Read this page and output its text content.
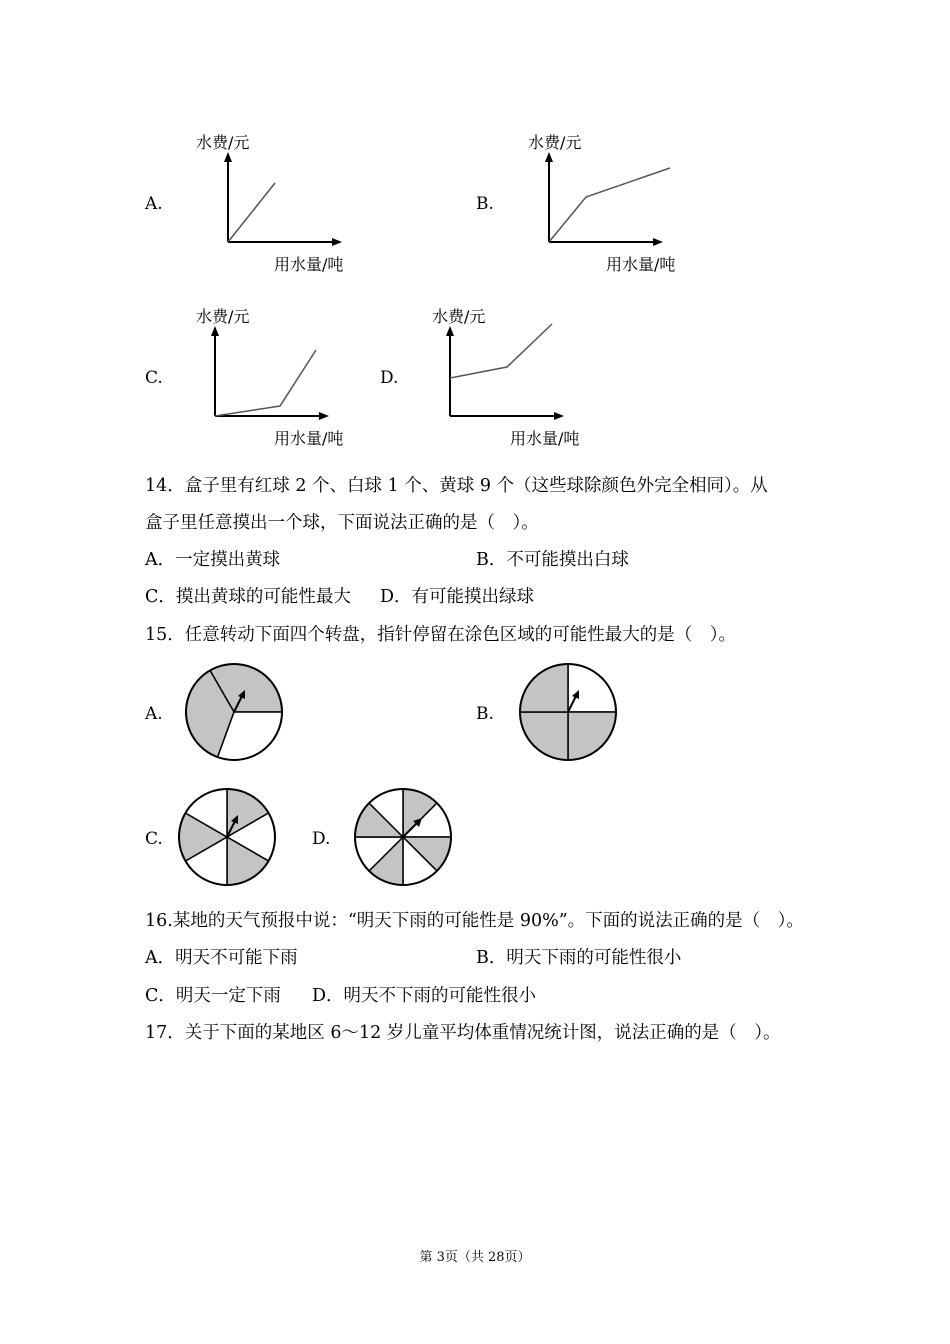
A.
水费/元
用水量/吨
B.
水费/元
用水量/吨
C.
水费/元
用水量/吨
D.
水费/元
用水量/吨
14．盒子里有红球 2 个、白球 1 个、黄球 9 个（这些球除颜色外完全相同）。从
盒子里任意摸出一个球，下面说法正确的是（　）。
A．一定摸出黄球	B．不可能摸出白球
C．摸出黄球的可能性最大 D．有可能摸出绿球
15．任意转动下面四个转盘，指针停留在涂色区域的可能性最大的是（　）。
A.	B.
C.	D.
16.某地的天气预报中说：“明天下雨的可能性是 90%”。下面的说法正确的是（　）。
A．明天不可能下雨	B．明天下雨的可能性很小
C．明天一定下雨 D．明天不下雨的可能性很小
17．关于下面的某地区 6～12 岁儿童平均体重情况统计图，说法正确的是（　）。
第 3页（共 28页）
